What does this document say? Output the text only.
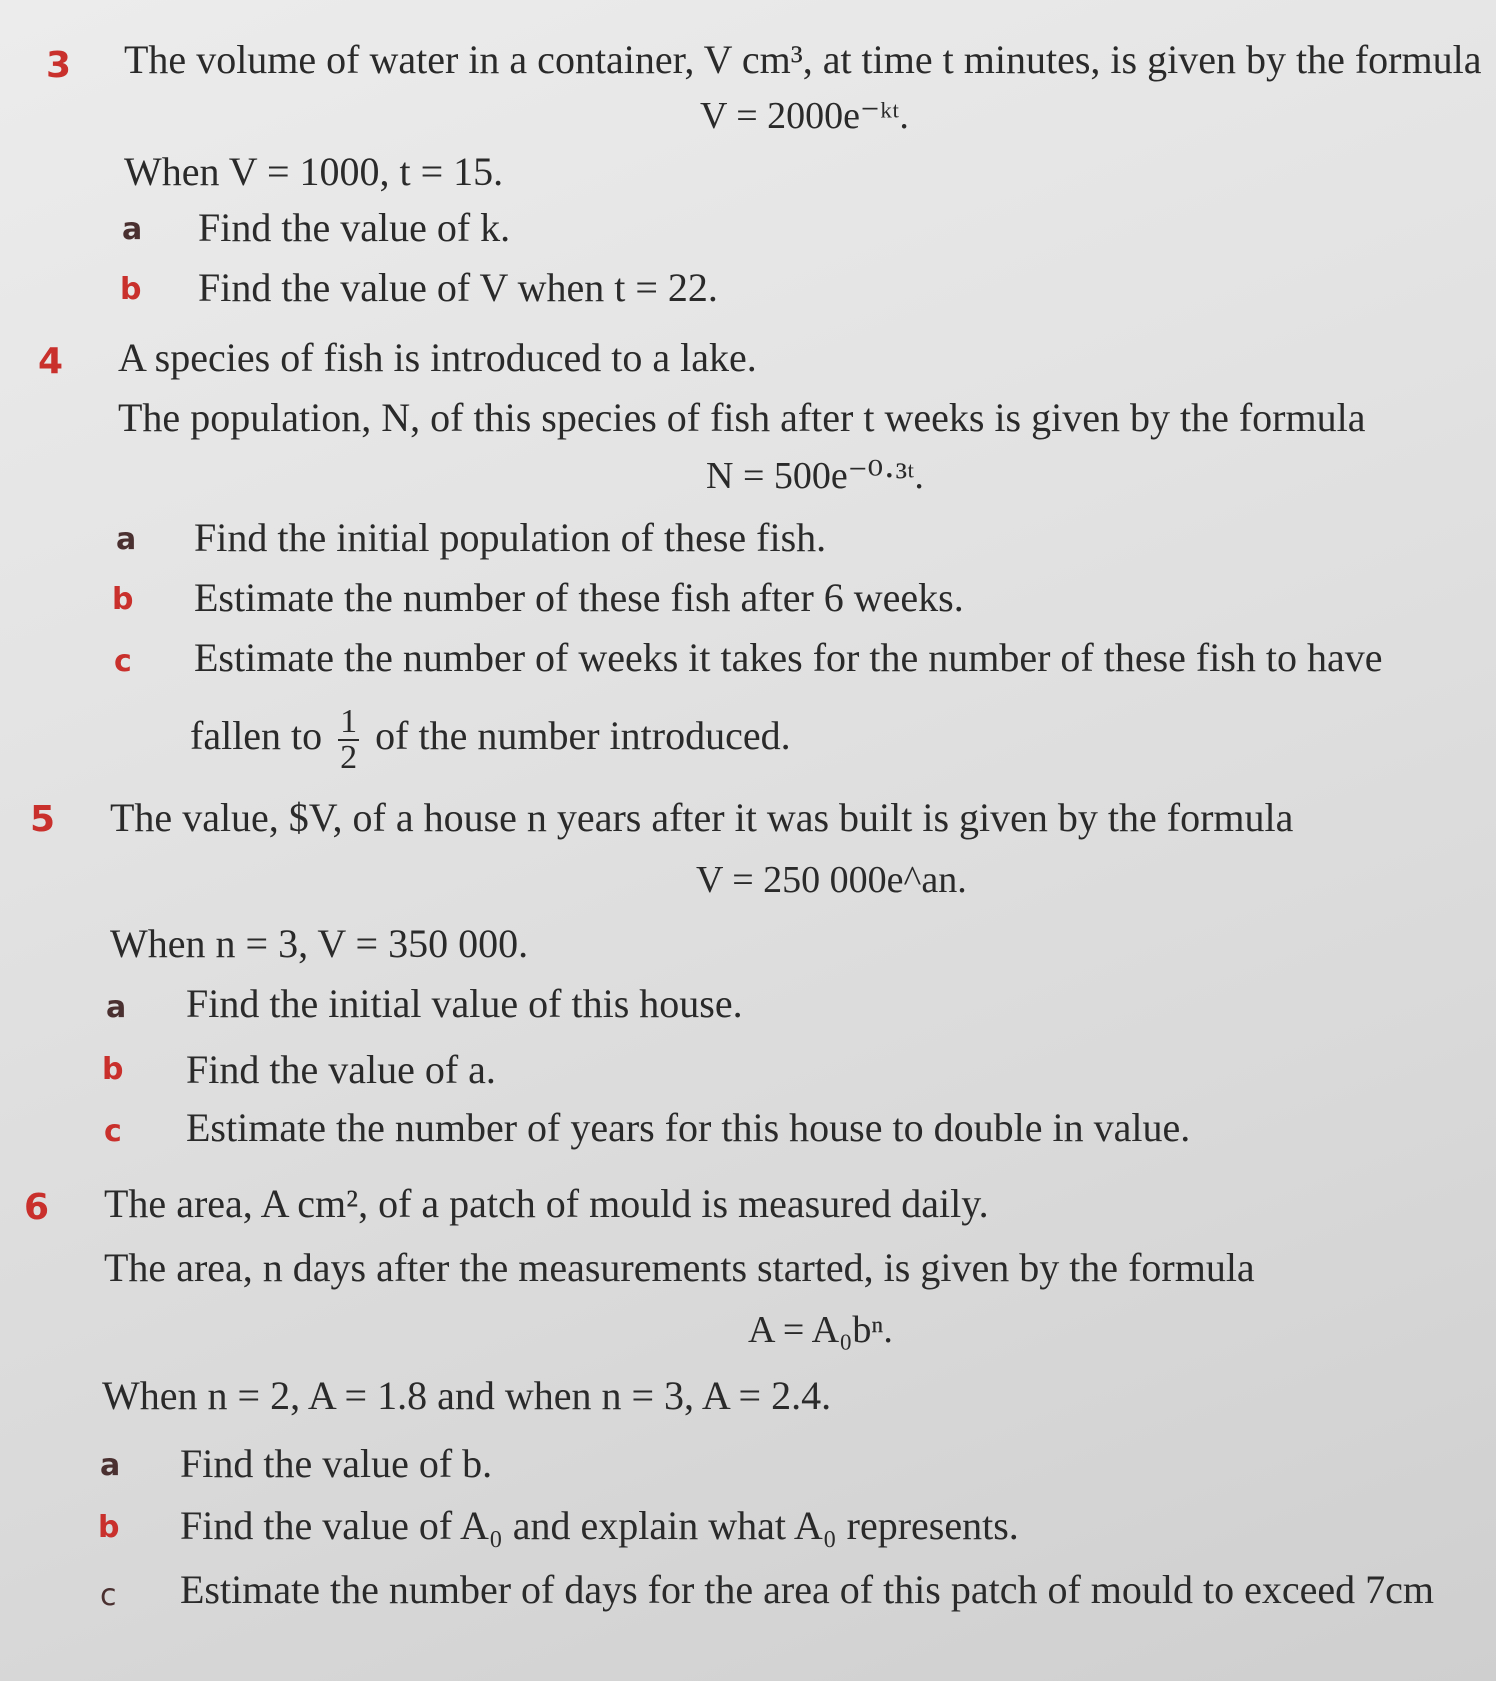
3 The volume of water in a container, V cm³, at time t minutes, is given by the formula
V = 2000e⁻ᵏᵗ.
When V = 1000, t = 15.
a Find the value of k.
b Find the value of V when t = 22.
4 A species of fish is introduced to a lake.
The population, N, of this species of fish after t weeks is given by the formula
N = 500e⁻⁰·³ᵗ.
a Find the initial population of these fish.
b Estimate the number of these fish after 6 weeks.
c Estimate the number of weeks it takes for the number of these fish to have
fallen to $\frac{1}{2}$ of the number introduced.
5 The value, $V, of a house n years after it was built is given by the formula
V = 250 000e^an.
When n = 3, V = 350 000.
a Find the initial value of this house.
b Find the value of a.
c Estimate the number of years for this house to double in value.
6 The area, A cm², of a patch of mould is measured daily.
The area, n days after the measurements started, is given by the formula
A = A₀bⁿ.
When n = 2, A = 1.8 and when n = 3, A = 2.4.
a Find the value of b.
b Find the value of A₀ and explain what A₀ represents.
c Estimate the number of days for the area of this patch of mould to exceed 7cm
